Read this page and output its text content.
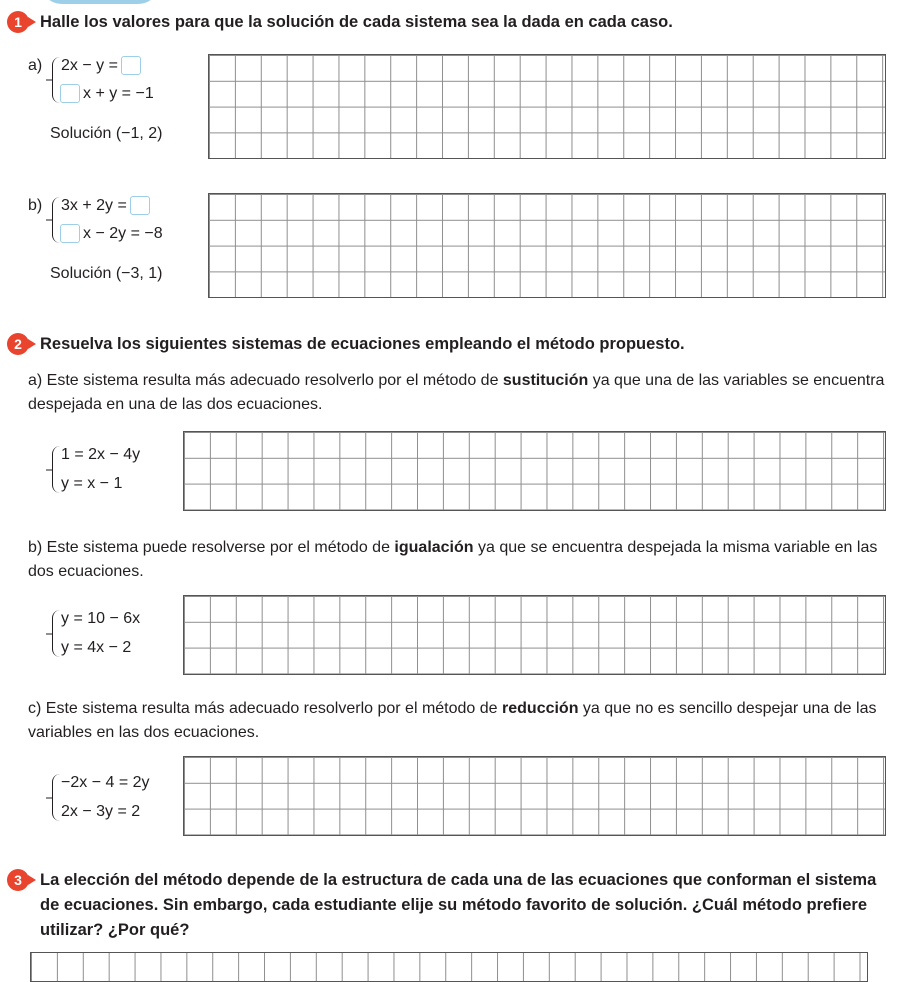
1	Halle los valores para que la solución de cada sistema sea la dada en cada caso.
a) 2x − y =
x + y = −1
Solución (−1, 2)
b) 3x + 2y =
x − 2y = −8
Solución (−3, 1)
2	Resuelva los siguientes sistemas de ecuaciones empleando el método propuesto.
a) Este sistema resulta más adecuado resolverlo por el método de sustitución ya que una de las variables se encuentra despejada en una de las dos ecuaciones.
1 = 2x − 4y
y = x − 1
b) Este sistema puede resolverse por el método de igualación ya que se encuentra despejada la misma variable en las dos ecuaciones.
y = 10 − 6x
y = 4x − 2
c) Este sistema resulta más adecuado resolverlo por el método de reducción ya que no es sencillo despejar una de las variables en las dos ecuaciones.
−2x − 4 = 2y
2x − 3y = 2
3	La elección del método depende de la estructura de cada una de las ecuaciones que conforman el sistema de ecuaciones. Sin embargo, cada estudiante elije su método favorito de solución. ¿Cuál método prefiere utilizar? ¿Por qué?
